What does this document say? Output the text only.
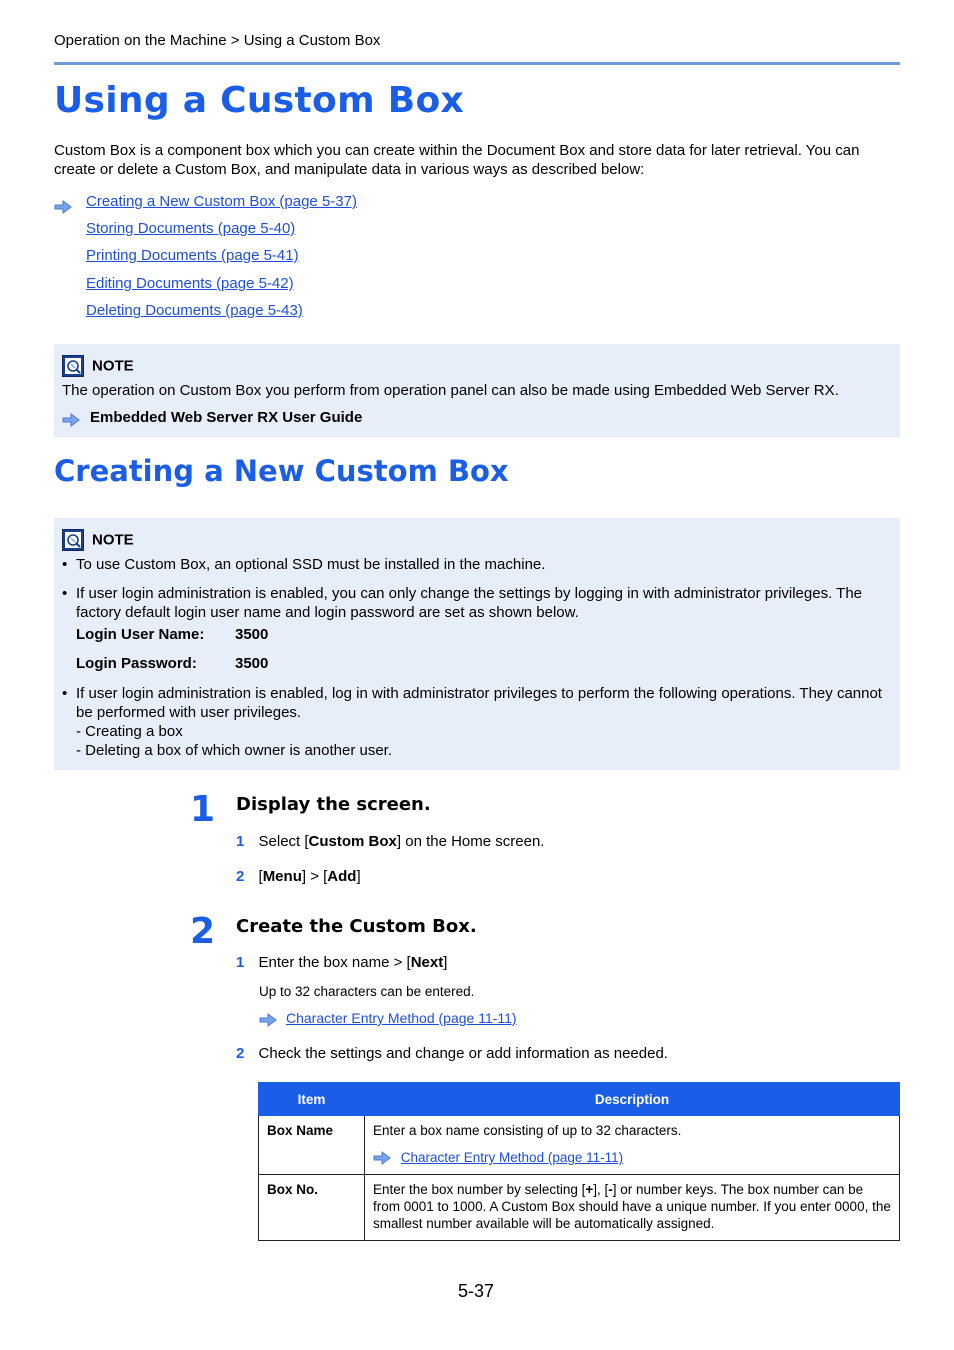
Operation on the Machine > Using a Custom Box
Using a Custom Box
Custom Box is a component box which you can create within the Document Box and store data for later retrieval. You can create or delete a Custom Box, and manipulate data in various ways as described below:
Creating a New Custom Box (page 5-37)
Storing Documents (page 5-40)
Printing Documents (page 5-41)
Editing Documents (page 5-42)
Deleting Documents (page 5-43)
NOTE
The operation on Custom Box you perform from operation panel can also be made using Embedded Web Server RX.
Embedded Web Server RX User Guide
Creating a New Custom Box
NOTE
• To use Custom Box, an optional SSD must be installed in the machine.
• If user login administration is enabled, you can only change the settings by logging in with administrator privileges. The factory default login user name and login password are set as shown below.
Login User Name: 3500
Login Password:	3500
• If user login administration is enabled, log in with administrator privileges to perform the following operations. They cannot be performed with user privileges.
- Creating a box
- Deleting a box of which owner is another user.
1 Display the screen.
1 Select [Custom Box] on the Home screen.
2 [Menu] > [Add]
2 Create the Custom Box.
1 Enter the box name > [Next]
Up to 32 characters can be entered.
Character Entry Method (page 11-11)
2 Check the settings and change or add information as needed.
Item	Description
Box Name	Enter a box name consisting of up to 32 characters.
Character Entry Method (page 11-11)

Box No.	Enter the box number by selecting [+], [-] or number keys. The box number can be from 0001 to 1000. A Custom Box should have a unique number. If you enter 0000, the smallest number available will be automatically assigned.
5-37
